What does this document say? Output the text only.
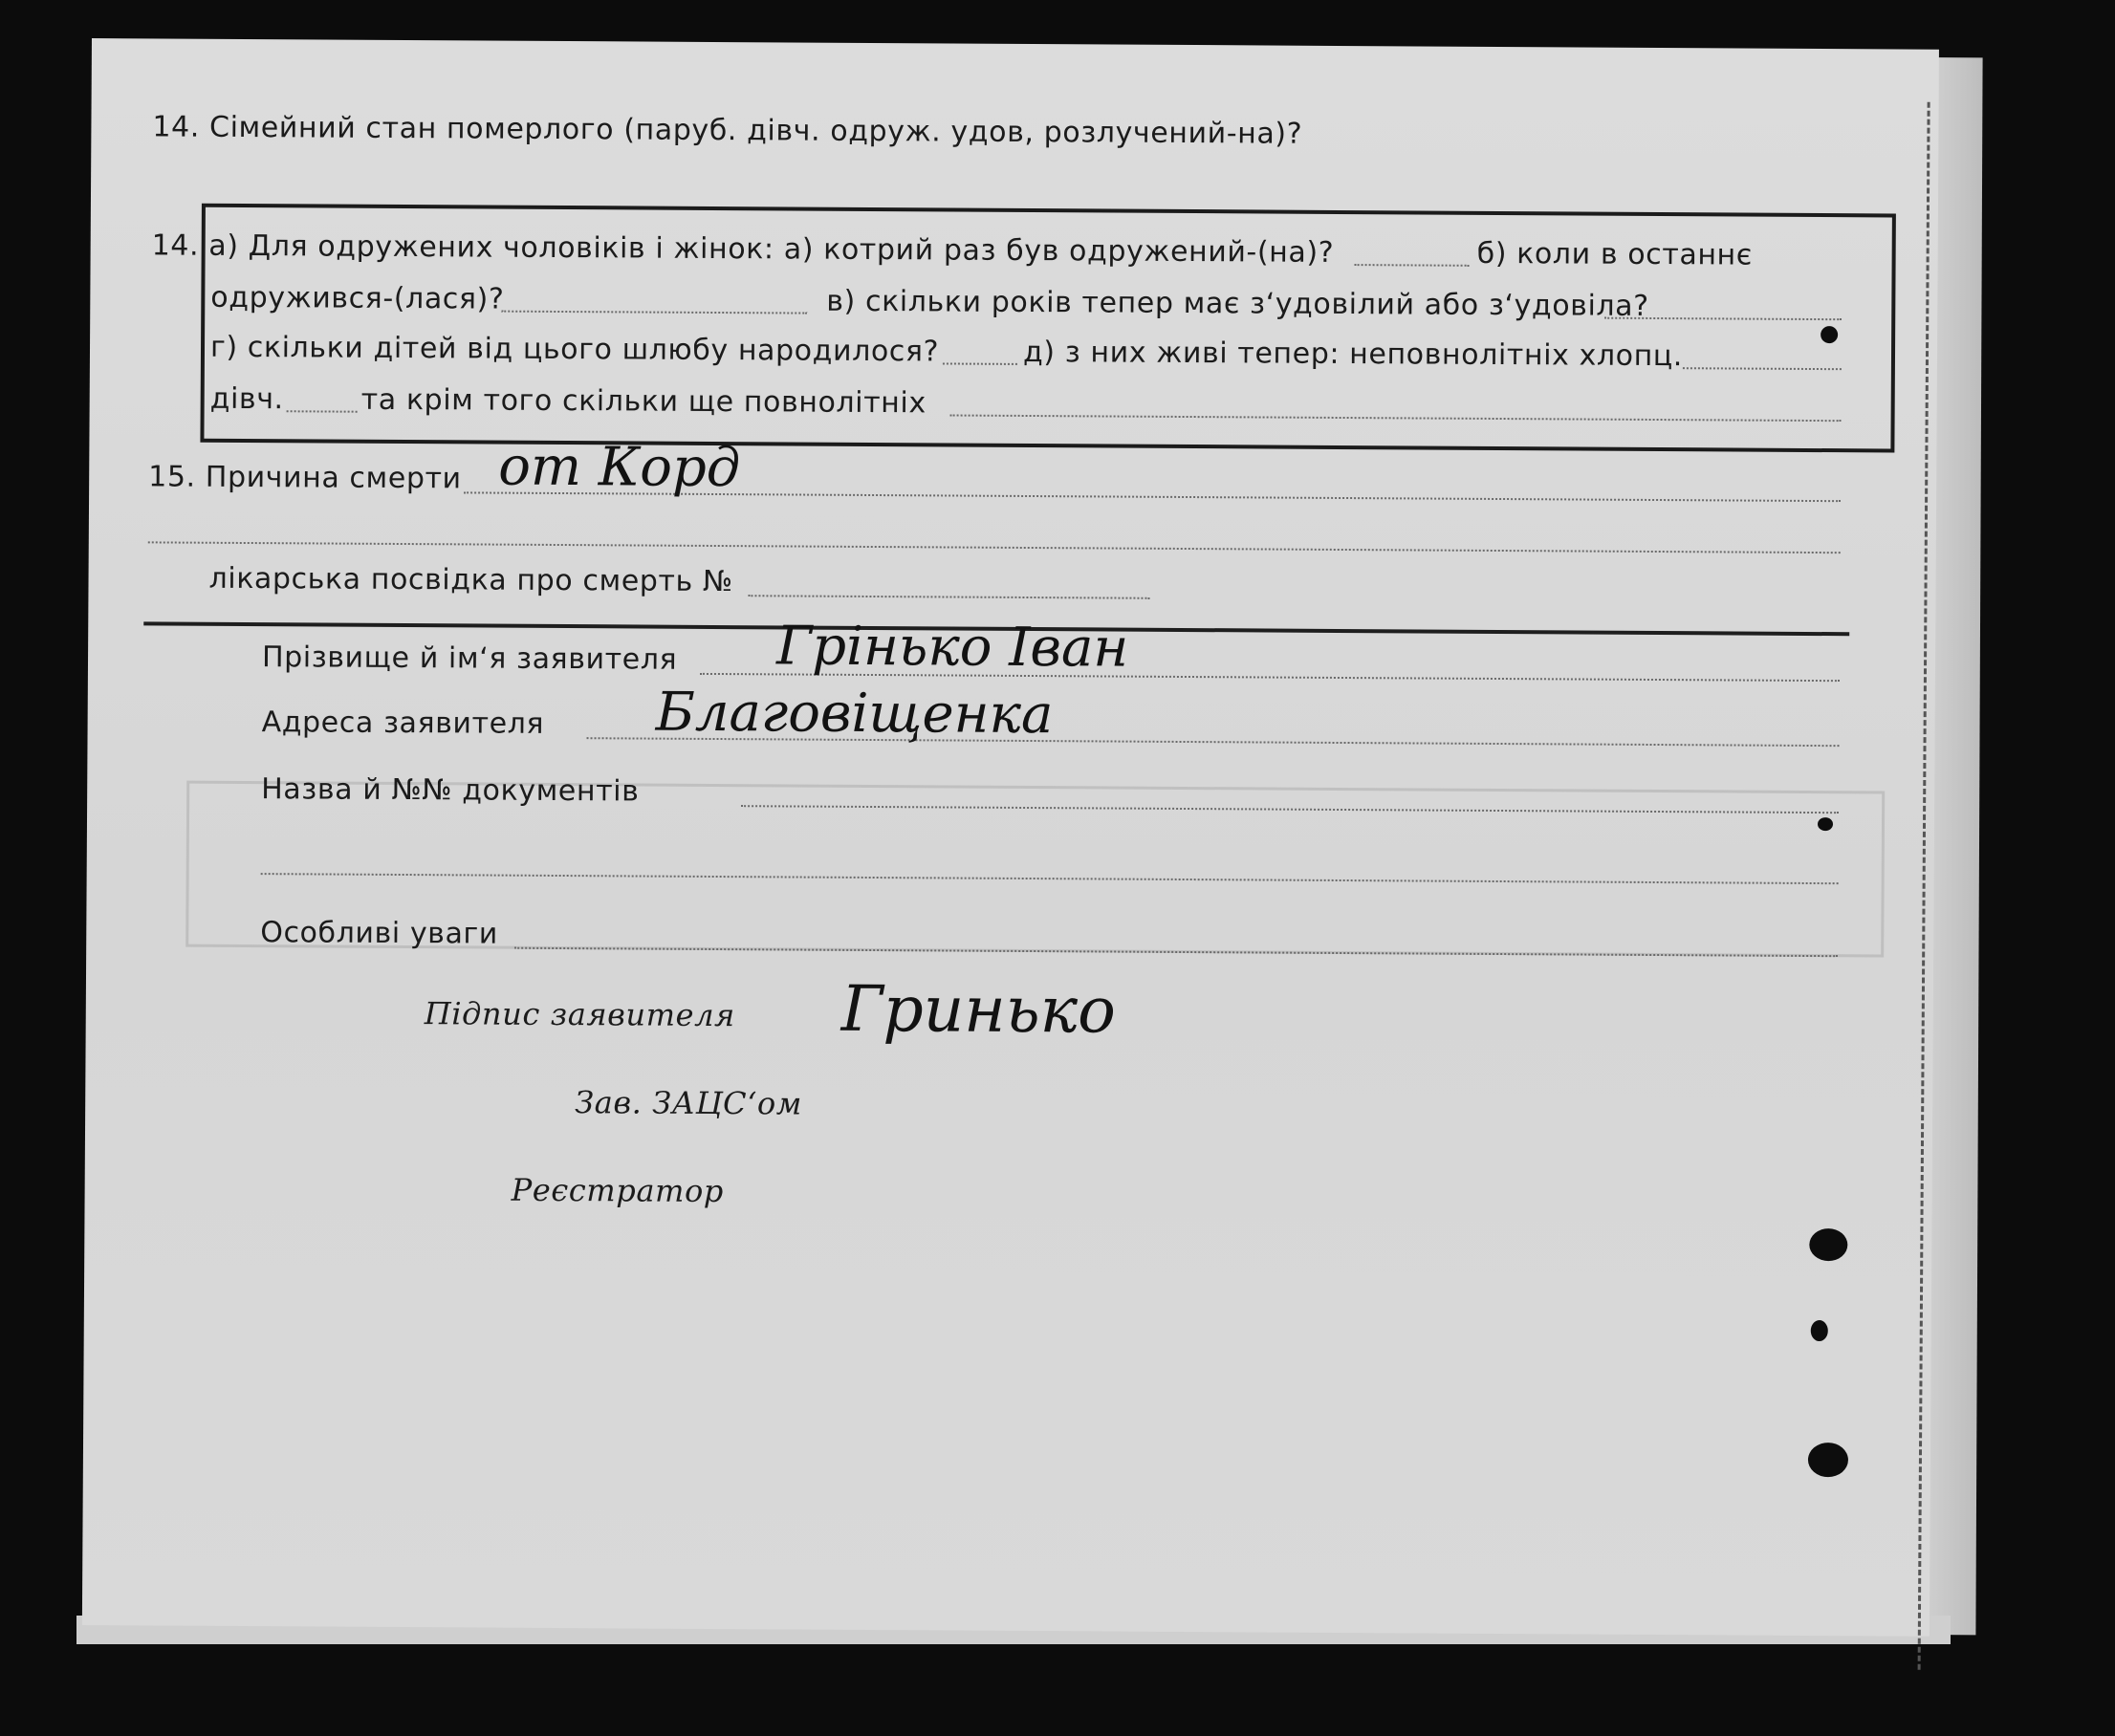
14. Сімейний стан померлого (паруб. дівч. одруж. удов, розлучений-на)?
14. а) Для одружених чоловіків і жінок: а) котрий раз був одружений-(на)?	б) коли в останнє
одружився-(лася)?	в) скільки років тепер має з‘удовілий або з‘удовіла?
г) скільки дітей від цього шлюбу народилося?	д) з них живі тепер: неповнолітніх хлопц.
дівч.	та крім того скільки ще повнолітніх
15. Причина смерти от Корд
лікарська посвідка про смерть №
Прізвище й ім‘я заявителя Грінько Іван
Адреса заявителя Благовіщенка
Назва й №№ документів
Особливі уваги
Підпис заявителя Гринько
Зав. ЗАЦС‘ом
Реєстратор
